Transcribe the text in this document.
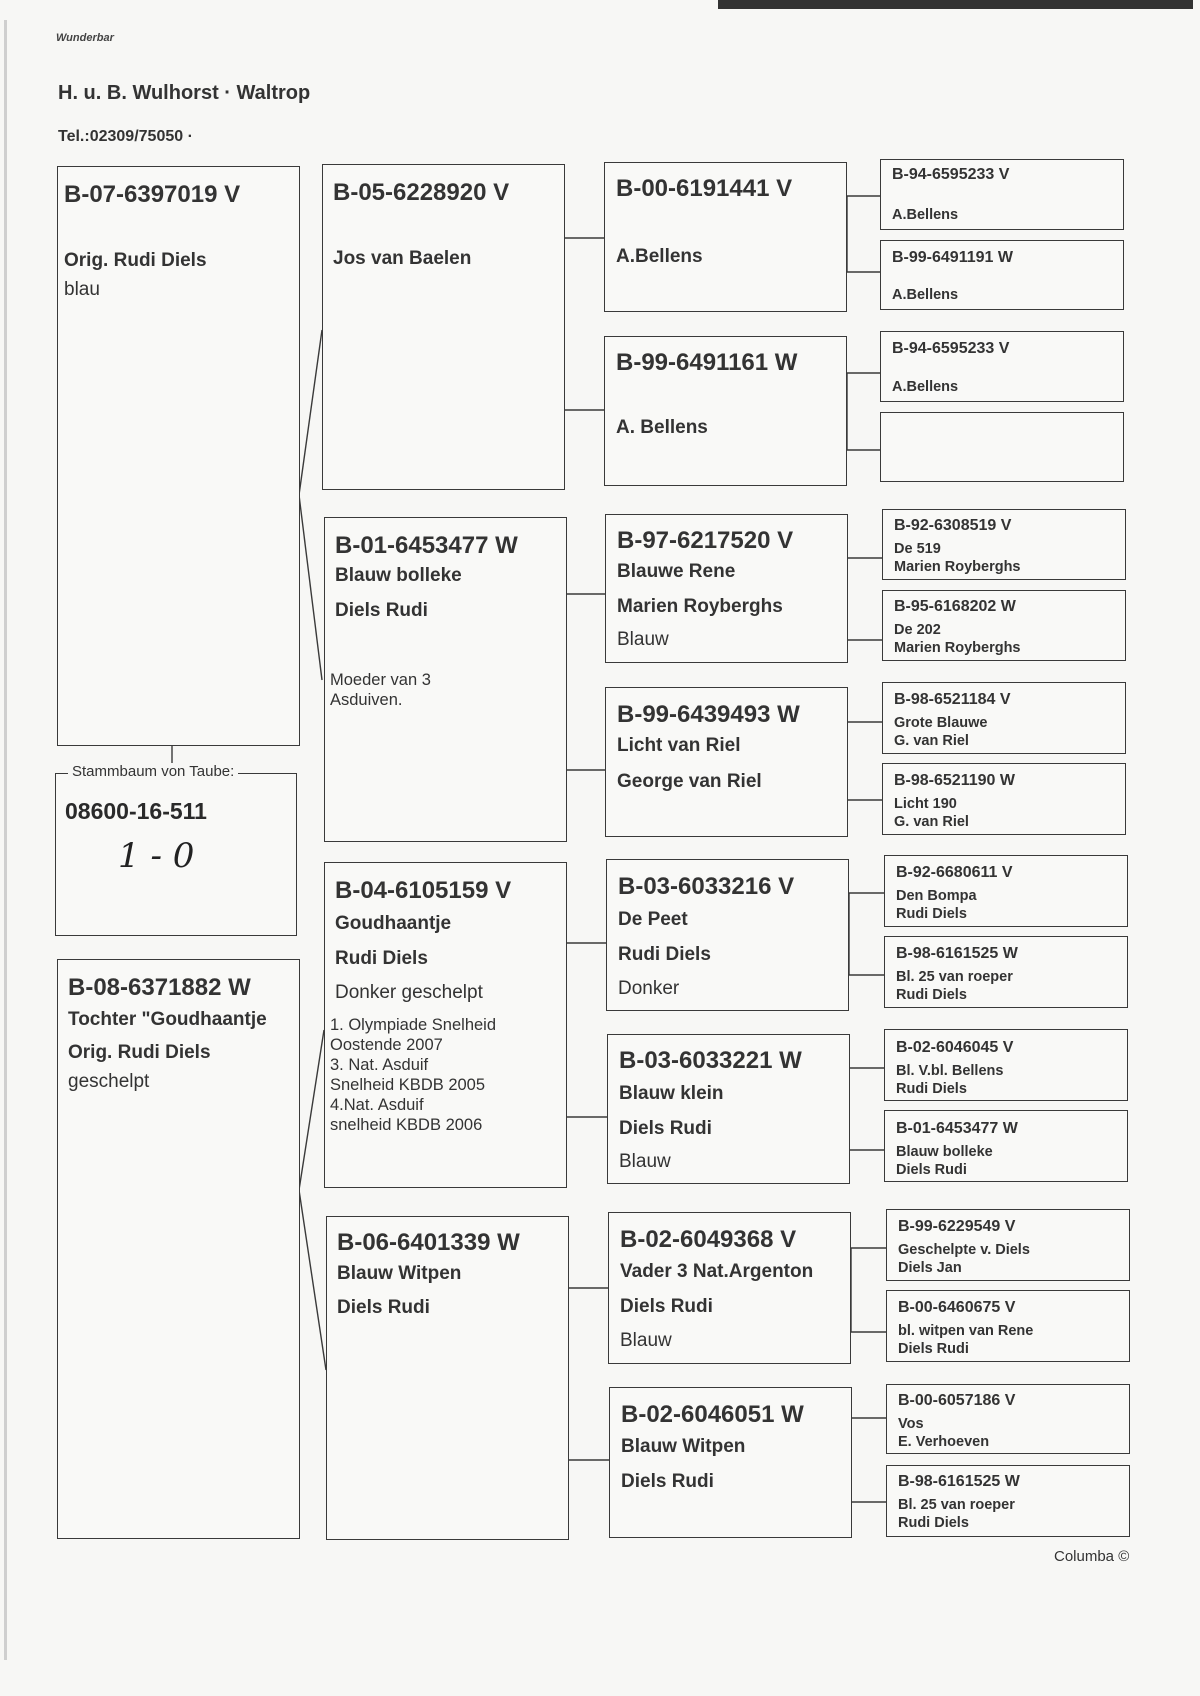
Wunderbar
H. u. B. Wulhorst · Waltrop
Tel.:02309/75050 ·
B-07-6397019 V
Orig. Rudi Diels
blau
08600-16-511
1 - 0
Stammbaum von Taube:
B-08-6371882 W
Tochter "Goudhaantje
Orig. Rudi Diels
geschelpt
B-05-6228920 V
Jos van Baelen
B-01-6453477 W
Blauw bolleke
Diels Rudi
Moeder van 3
Asduiven.
B-04-6105159 V
Goudhaantje
Rudi Diels
Donker geschelpt
1. Olympiade Snelheid
Oostende 2007
3. Nat. Asduif
Snelheid KBDB 2005
4.Nat. Asduif
snelheid KBDB 2006
B-06-6401339 W
Blauw Witpen
Diels Rudi
B-00-6191441 V
A.Bellens
B-99-6491161 W
A. Bellens
B-97-6217520 V
Blauwe Rene
Marien Royberghs
Blauw
B-99-6439493 W
Licht van Riel
George van Riel
B-03-6033216 V
De Peet
Rudi Diels
Donker
B-03-6033221 W
Blauw klein
Diels Rudi
Blauw
B-02-6049368 V
Vader 3 Nat.Argenton
Diels Rudi
Blauw
B-02-6046051 W
Blauw Witpen
Diels Rudi
B-94-6595233 V
A.Bellens
B-99-6491191 W
A.Bellens
B-94-6595233 V
A.Bellens
B-92-6308519 V
De 519
Marien Royberghs
B-95-6168202 W
De 202
Marien Royberghs
B-98-6521184 V
Grote Blauwe
G. van Riel
B-98-6521190 W
Licht 190
G. van Riel
B-92-6680611 V
Den Bompa
Rudi Diels
B-98-6161525 W
Bl. 25 van roeper
Rudi Diels
B-02-6046045 V
Bl. V.bl. Bellens
Rudi Diels
B-01-6453477 W
Blauw bolleke
Diels Rudi
B-99-6229549 V
Geschelpte v. Diels
Diels Jan
B-00-6460675 V
bl. witpen van Rene
Diels Rudi
B-00-6057186 V
Vos
E. Verhoeven
B-98-6161525 W
Bl. 25 van roeper
Rudi Diels
Columba ©
